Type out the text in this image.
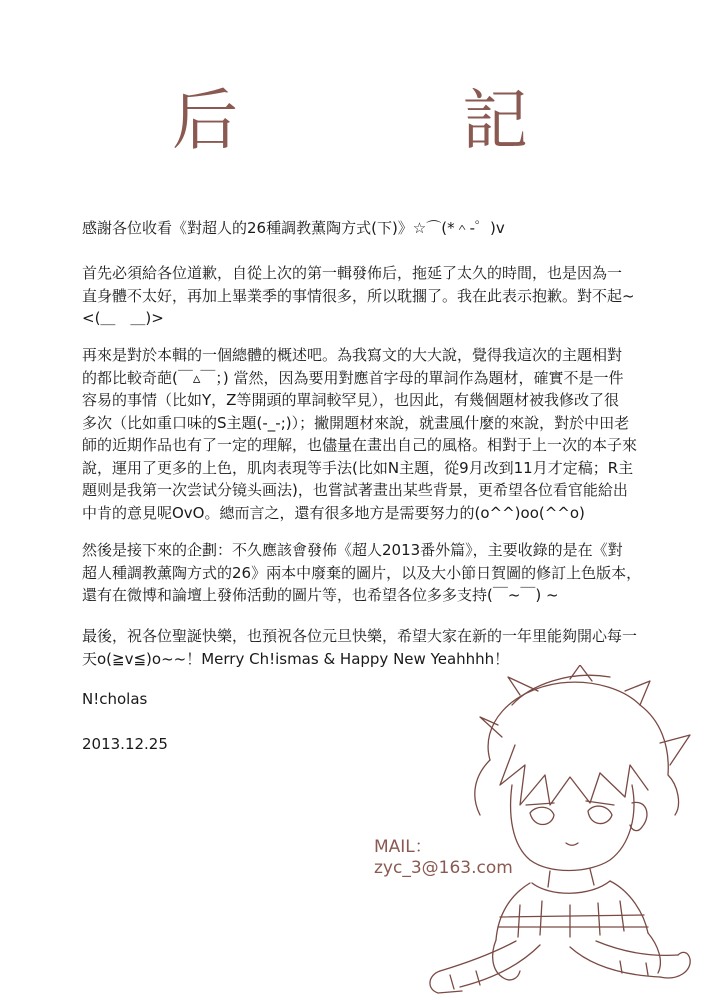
后	記

感謝各位收看《對超人的26種調教薫陶方式(下)》☆⌒(*＾-゜)v

首先必須給各位道歉，自從上次的第一輯發佈后，拖延了太久的時間，也是因為一
直身體不太好，再加上畢業季的事情很多，所以耽擱了。我在此表示抱歉。對不起~
<(＿　＿)>

再來是對於本輯的一個總體的概述吧。為我寫文的大大說，覺得我這次的主題相對
的都比較奇葩(￣▵￣；) 當然，因為要用對應首字母的單詞作為題材，確實不是一件
容易的事情（比如Y，Z等開頭的單詞較罕見），也因此，有幾個題材被我修改了很
多次（比如重口味的S主題(-_-;)）；撇開題材來說，就畫風什麼的來說，對於中田老
師的近期作品也有了一定的理解，也儘量在畫出自己的風格。相對于上一次的本子來
說，運用了更多的上色，肌肉表現等手法(比如N主題，從9月改到11月才定稿；R主
題则是我第一次尝试分镜头画法)，也嘗試著畫出某些背景，更希望各位看官能給出
中肯的意見呢OvO。總而言之，還有很多地方是需要努力的(o^^)oo(^^o)

然後是接下來的企劃：不久應該會發佈《超人2013番外篇》，主要收錄的是在《對
超人種調教薰陶方式的26》兩本中廢棄的圖片，以及大小節日賀圖的修訂上色版本，
還有在微博和論壇上發佈活動的圖片等，也希望各位多多支持(￣~￣) ~

最後，祝各位聖誕快樂，也預祝各位元旦快樂，希望大家在新的一年里能夠開心每一
天o(≧v≦)o~~！Merry Ch!ismas & Happy New Yeahhhh！

N!cholas

2013.12.25

MAIL：
zyc_3@163.com
